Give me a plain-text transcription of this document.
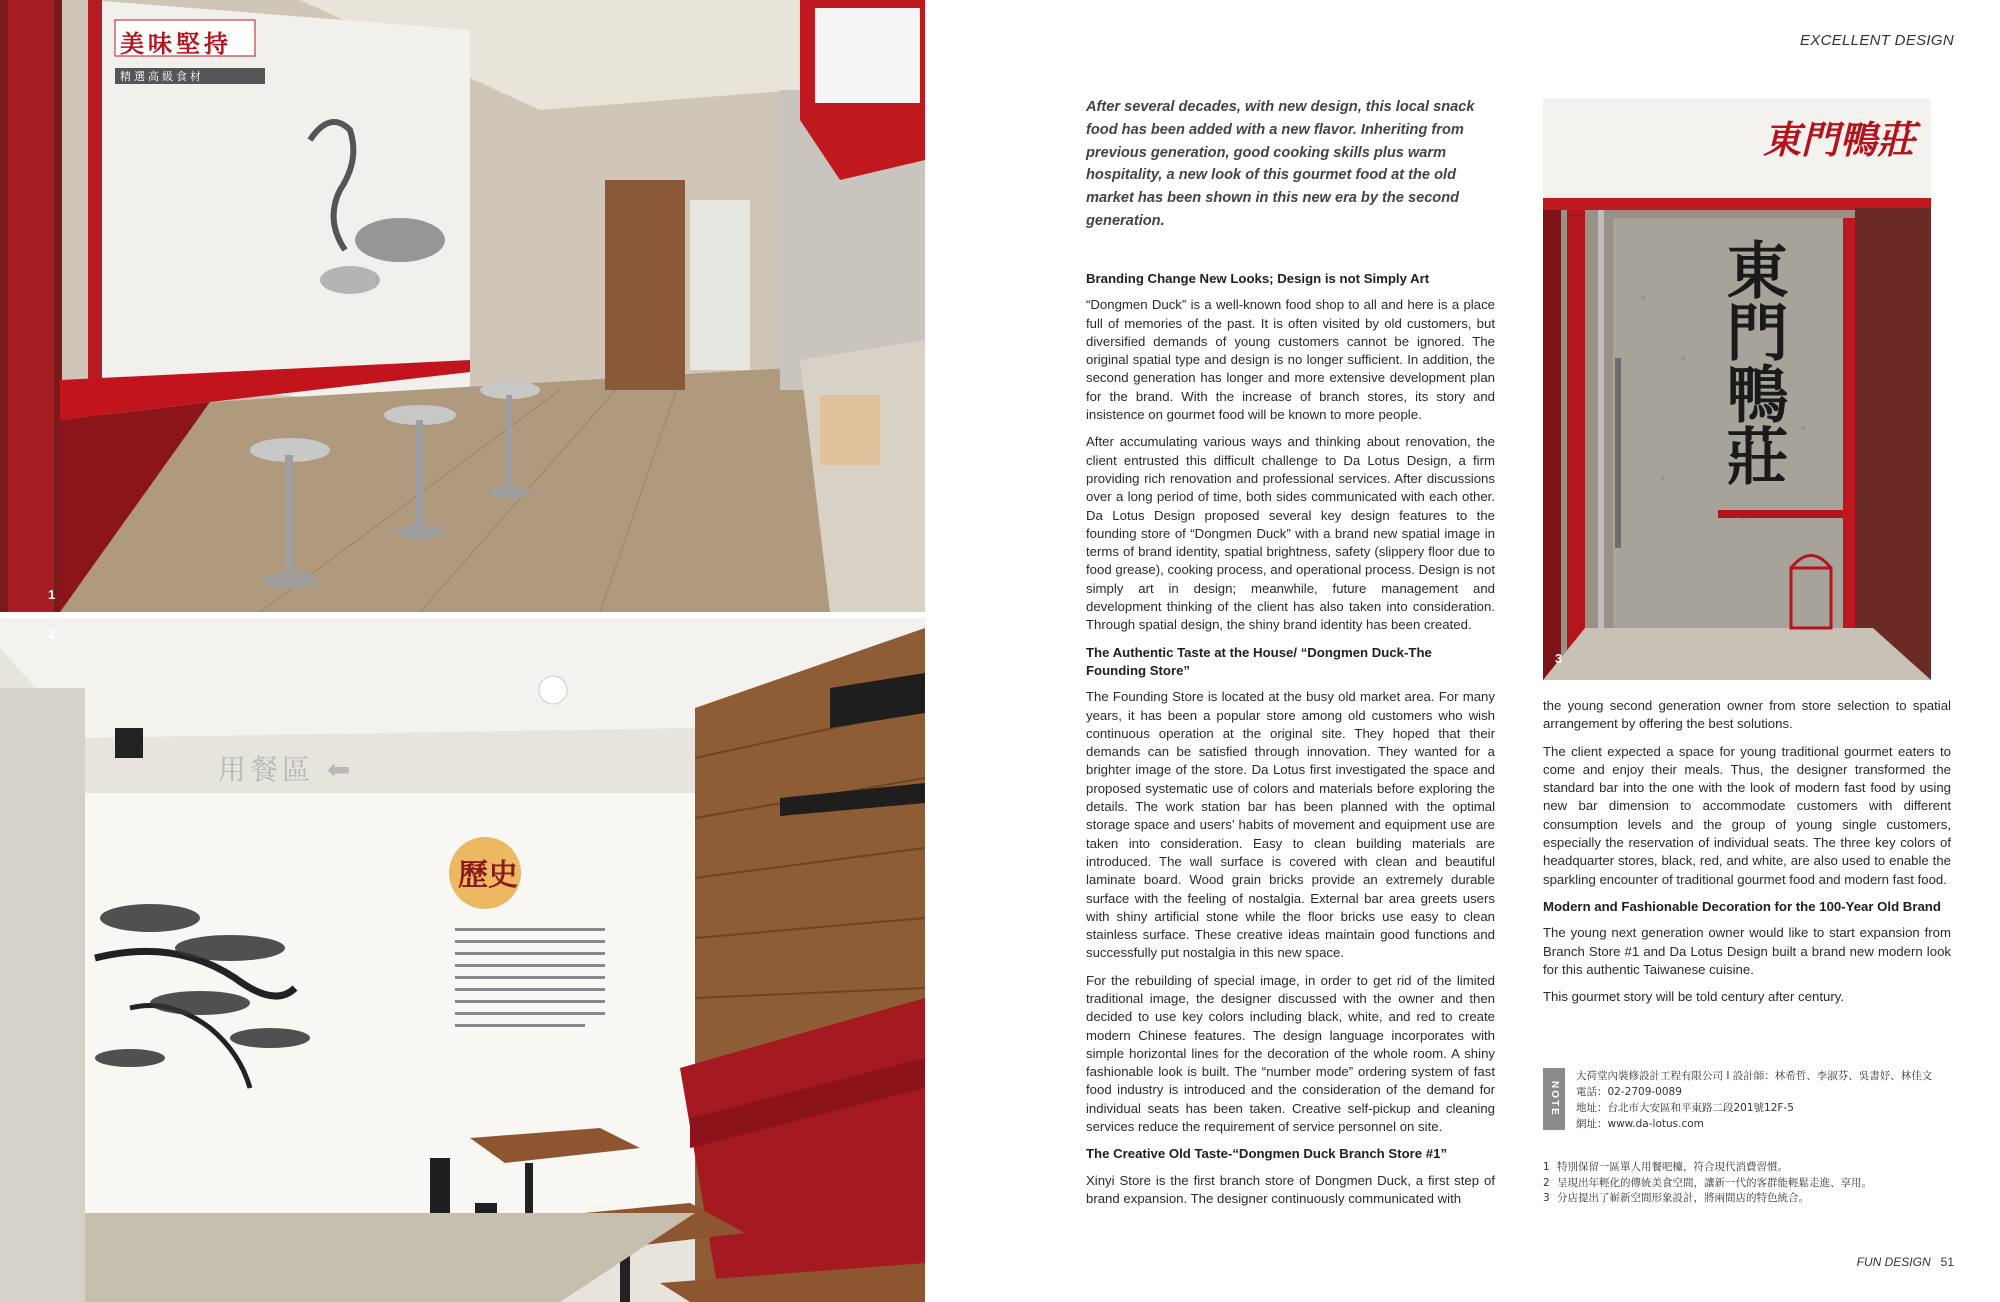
美味堅持
精選高級食材
1
用餐區 ⬅
歷史
2
東門鴨莊
東門鴨莊
3
EXCELLENT DESIGN
FUN DESIGN 51
After several decades, with new design, this local snack food has been added with a new flavor. Inheriting from previous generation, good cooking skills plus warm hospitality, a new look of this gourmet food at the old market has been shown in this new era by the second generation.
Branding Change New Looks; Design is not Simply Art

“Dongmen Duck” is a well-known food shop to all and here is a place full of memories of the past. It is often visited by old customers, but diversified demands of young customers cannot be ignored. The original spatial type and design is no longer sufficient. In addition, the second generation has longer and more extensive development plan for the brand. With the increase of branch stores, its story and insistence on gourmet food will be known to more people.

After accumulating various ways and thinking about renovation, the client entrusted this difficult challenge to Da Lotus Design, a firm providing rich renovation and professional services. After discussions over a long period of time, both sides communicated with each other. Da Lotus Design proposed several key design features to the founding store of “Dongmen Duck” with a brand new spatial image in terms of brand identity, spatial brightness, safety (slippery floor due to food grease), cooking process, and operational process. Design is not simply art in design; meanwhile, future management and development thinking of the client has also taken into consideration. Through spatial design, the shiny brand identity has been created.

The Authentic Taste at the House/ “Dongmen Duck-The Founding Store”

The Founding Store is located at the busy old market area. For many years, it has been a popular store among old customers who wish continuous operation at the original site. They hoped that their demands can be satisfied through innovation. They wanted for a brighter image of the store. Da Lotus first investigated the space and proposed systematic use of colors and materials before exploring the details. The work station bar has been planned with the optimal storage space and users’ habits of movement and equipment use are taken into consideration. Easy to clean building materials are introduced. The wall surface is covered with clean and beautiful laminate board. Wood grain bricks provide an extremely durable surface with the feeling of nostalgia. External bar area greets users with shiny artificial stone while the floor bricks use easy to clean stainless surface. These creative ideas maintain good functions and successfully put nostalgia in this new space.

For the rebuilding of special image, in order to get rid of the limited traditional image, the designer discussed with the owner and then decided to use key colors including black, white, and red to create modern Chinese features. The design language incorporates with simple horizontal lines for the decoration of the whole room. A shiny fashionable look is built. The “number mode” ordering system of fast food industry is introduced and the consideration of the demand for individual seats has been taken. Creative self-pickup and cleaning services reduce the requirement of service personnel on site.

The Creative Old Taste-“Dongmen Duck Branch Store #1”

Xinyi Store is the first branch store of Dongmen Duck, a first step of brand expansion. The designer continuously communicated with

the young second generation owner from store selection to spatial arrangement by offering the best solutions.

The client expected a space for young traditional gourmet eaters to come and enjoy their meals. Thus, the designer transformed the standard bar into the one with the look of modern fast food by using new bar dimension to accommodate customers with different consumption levels and the group of young single customers, especially the reservation of individual seats. The three key colors of headquarter stores, black, red, and white, are also used to enable the sparkling encounter of traditional gourmet food and modern fast food.

Modern and Fashionable Decoration for the 100-Year Old Brand

The young next generation owner would like to start expansion from Branch Store #1 and Da Lotus Design built a brand new modern look for this authentic Taiwanese cuisine.

This gourmet story will be told century after century.

NOTE
大荷堂內裝修設計工程有限公司 I 設計師：林希哲、李淑芬、吳書妤、林佳文
電話：02-2709-0089
地址：台北市大安區和平東路二段201號12F-5
網址：www.da-lotus.com
1 特別保留一區單人用餐吧檯，符合現代消費習慣。
2 呈現出年輕化的傳統美食空間，讓新一代的客群能輕鬆走進、享用。
3 分店提出了嶄新空間形象設計，將兩間店的特色統合。
